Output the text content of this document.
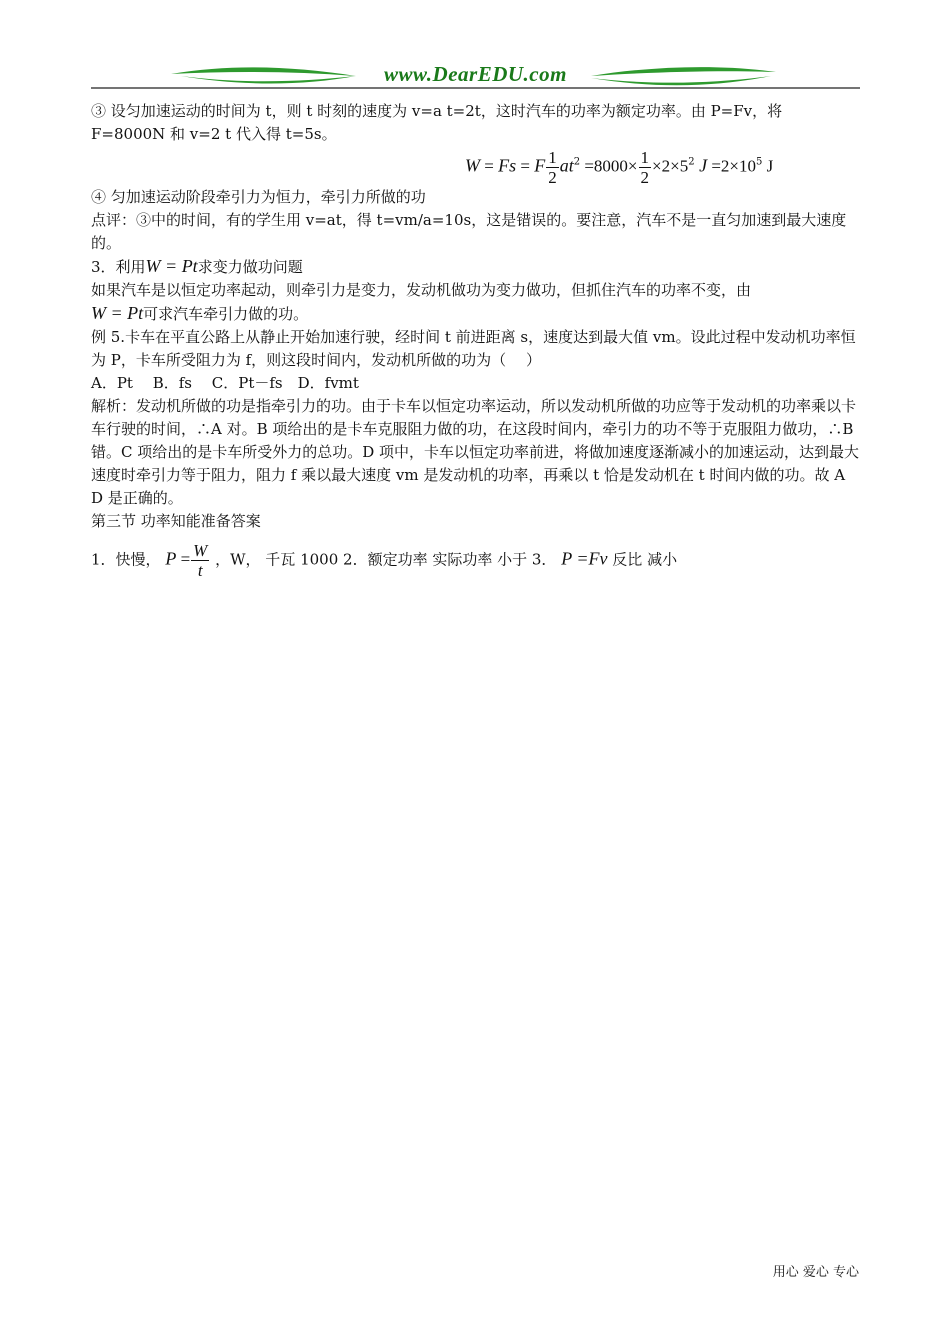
www.DearEDU.com

③ 设匀加速运动的时间为 t，则 t 时刻的速度为 v=a t=2t，这时汽车的功率为额定功率。由 P=Fv，将 F=8000N 和 v=2 t 代入得 t=5s。

W = Fs = F $\frac{1}{2} at^2 =8000\times \frac{1}{2} \times 2\times 5^2$ $J =2\times 10^5$ J

④ 匀加速运动阶段牵引力为恒力，牵引力所做的功

点评：③中的时间，有的学生用 v=at，得 t=vm/a=10s，这是错误的。要注意，汽车不是一直匀加速到最大速度的。

3．利用W = Pt求变力做功问题

如果汽车是以恒定功率起动，则牵引力是变力，发动机做功为变力做功，但抓住汽车的功率不变，由

W = Pt可求汽车牵引力做的功。

例 5.卡车在平直公路上从静止开始加速行驶，经时间 t 前进距离 s，速度达到最大值 vm。设此过程中发动机功率恒为 P，卡车所受阻力为 f，则这段时间内，发动机所做的功为（　 ）

A．Pt　 B．fs　 C．Pt－fs　D．fvmt

解析：发动机所做的功是指牵引力的功。由于卡车以恒定功率运动，所以发动机所做的功应等于发动机的功率乘以卡车行驶的时间，∴A 对。B 项给出的是卡车克服阻力做的功，在这段时间内，牵引力的功不等于克服阻力做功，∴B 错。C 项给出的是卡车所受外力的总功。D 项中，卡车以恒定功率前进，将做加速度逐渐减小的加速运动，达到最大速度时牵引力等于阻力，阻力 f 乘以最大速度 vm 是发动机的功率，再乘以 t 恰是发动机在 t 时间内做的功。故 A D 是正确的。

第三节 功率知能准备答案

1．快慢， $P = \frac{W}{t}$ ，W， 千瓦 1000 2．额定功率 实际功率 小于 3． P =Fv 反比 减小

用心 爱心 专心
